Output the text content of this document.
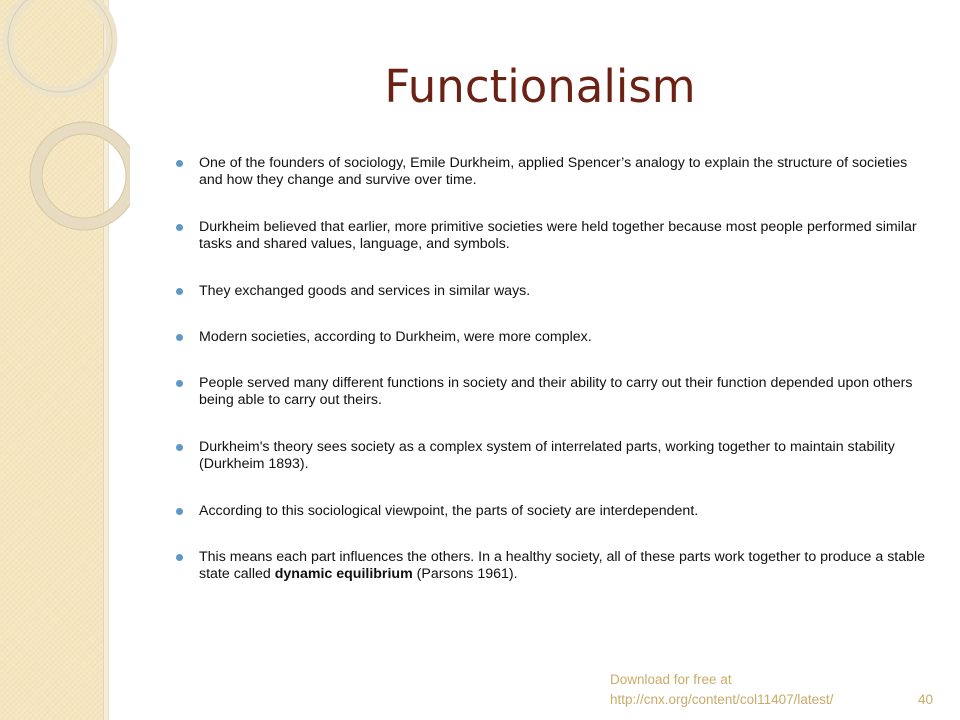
Functionalism
One of the founders of sociology, Emile Durkheim, applied Spencer’s analogy to explain the structure of societies and how they change and survive over time.
Durkheim believed that earlier, more primitive societies were held together because most people performed similar tasks and shared values, language, and symbols.
They exchanged goods and services in similar ways.
Modern societies, according to Durkheim, were more complex.
People served many different functions in society and their ability to carry out their function depended upon others being able to carry out theirs.
Durkheim's theory sees society as a complex system of interrelated parts, working together to maintain stability (Durkheim 1893).
According to this sociological viewpoint, the parts of society are interdependent.
This means each part influences the others. In a healthy society, all of these parts work together to produce a stable state called dynamic equilibrium (Parsons 1961).
Download for free at
http://cnx.org/content/col11407/latest/	40
